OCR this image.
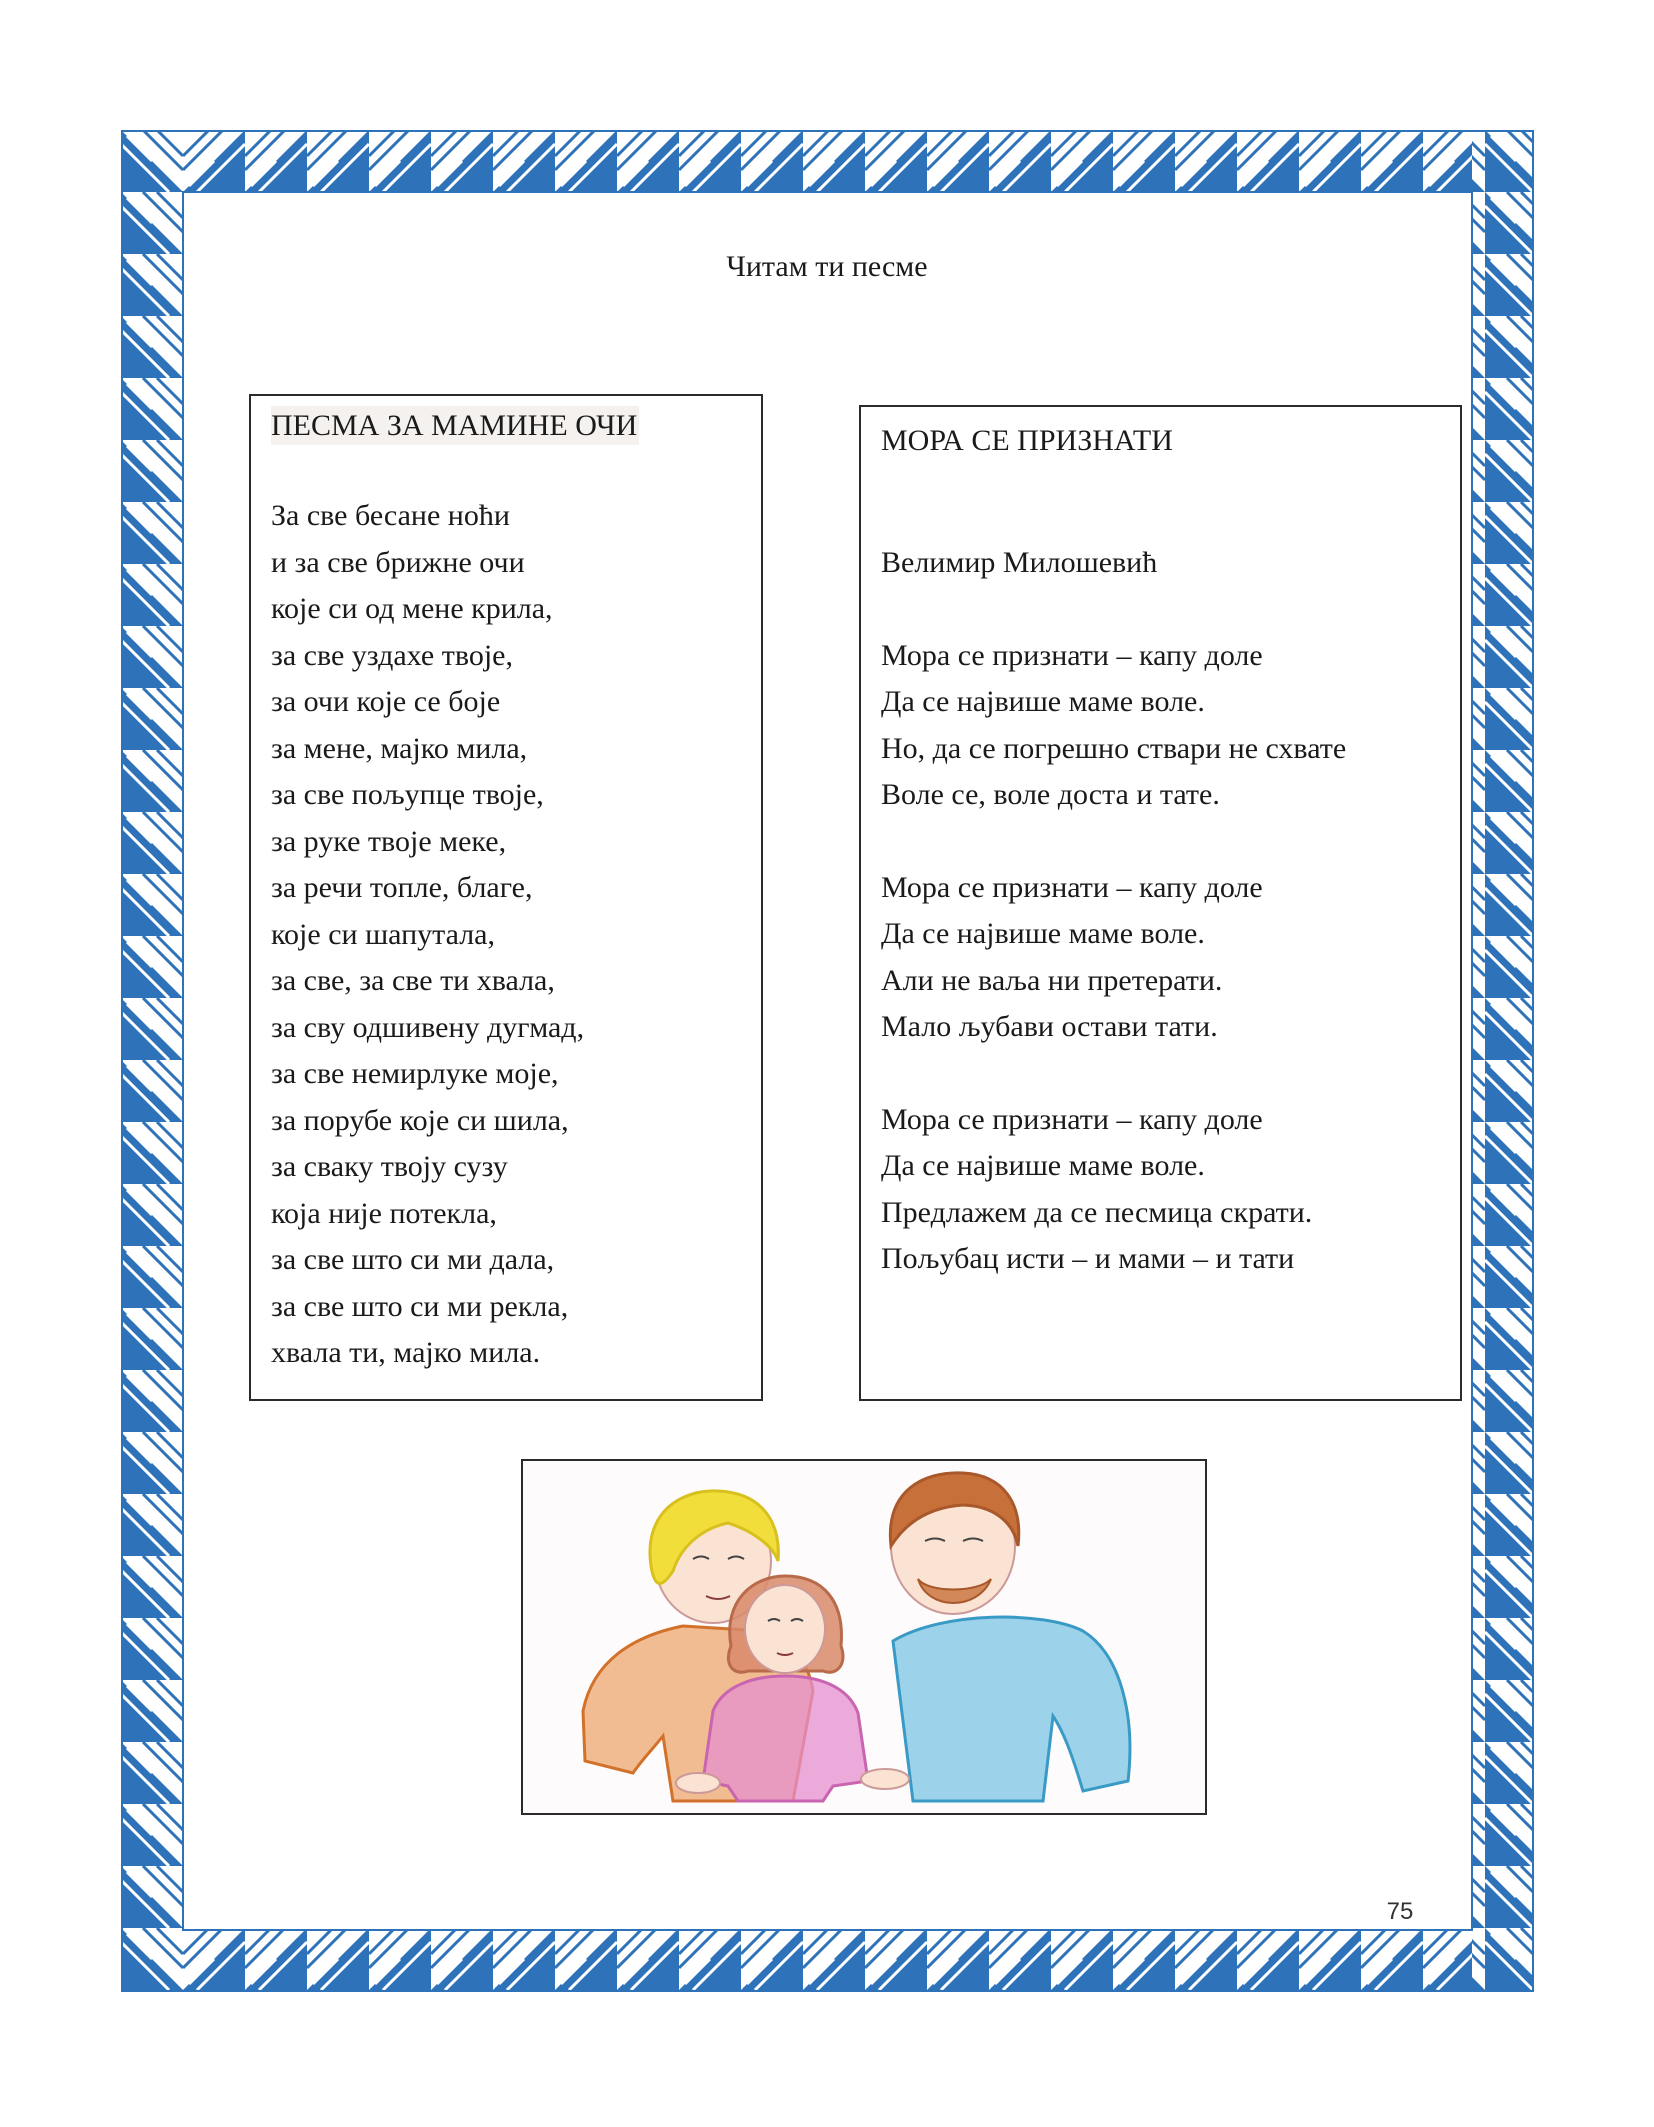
Читам ти песме
ПЕСМА ЗА МАМИНЕ ОЧИ

За све бесане ноћи
и за све брижне очи
које си од мене крила,
за све уздахе твоје,
за очи које се боје
за мене, мајко мила,
за све пољупце твоје,
за руке твоје меке,
за речи топле, благе,
које си шапутала,
за све, за све ти хвала,
за сву одшивену дугмад,
за све немирлуке моје,
за порубе које си шила,
за сваку твоју сузу
која није потекла,
за све што си ми дала,
за све што си ми рекла,
хвала ти, мајко мила.

МОРА СЕ ПРИЗНАТИ
Велимир Милошевић

Мора се признати – капу доле
Да се највише маме воле.
Но, да се погрешно ствари не схвате
Воле се, воле доста и тате.

Мора се признати – капу доле
Да се највише маме воле.
Али не ваља ни претерати.
Мало љубави остави тати.

Мора се признати – капу доле
Да се највише маме воле.
Предлажем да се песмица скрати.
Пољубац исти – и мами – и тати

75
